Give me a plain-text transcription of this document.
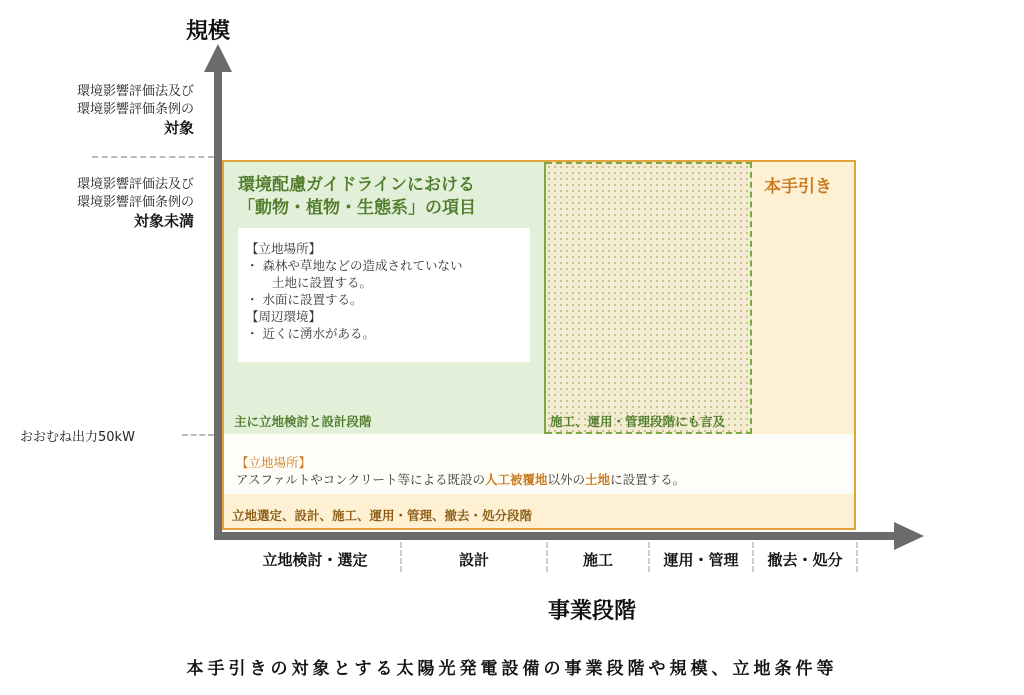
規模
事業段階
環境影響評価法及び
環境影響評価条例の
対象
環境影響評価法及び
環境影響評価条例の
対象未満
おおむね出力50kW
本手引き
環境配慮ガイドラインにおける
「動物・植物・生態系」の項目
【立地場所】
・ 森林や草地などの造成されていない
土地に設置する。
・ 水面に設置する。
【周辺環境】
・ 近くに湧水がある。
主に立地検討と設計段階	施工、運用・管理段階にも言及
【立地場所】
アスファルトやコンクリート等による既設の人工被覆地以外の土地に設置する。
立地選定、設計、施工、運用・管理、撤去・処分段階
立地検討・選定	設計	施工	運用・管理	撤去・処分
本手引きの対象とする太陽光発電設備の事業段階や規模、立地条件等
